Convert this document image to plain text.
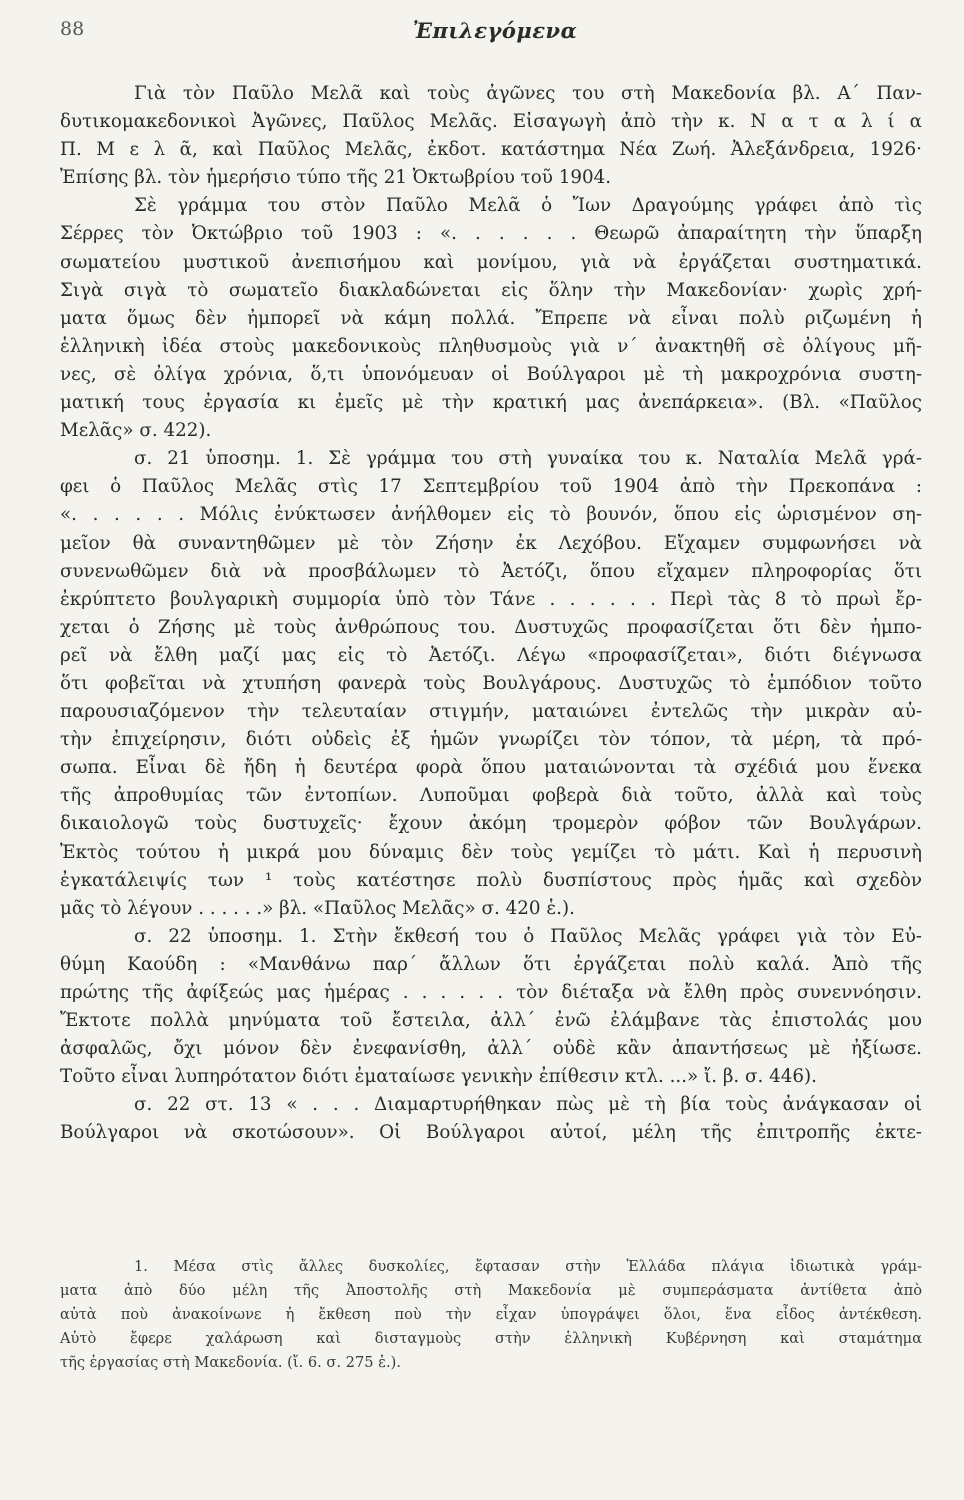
88	Ἐπιλεγόμενα
Γιὰ τὸν Παῦλο Μελᾶ καὶ τοὺς ἀγῶνες του στὴ Μακεδονία βλ. Α΄ Παν-
δυτικομακεδονικοὶ Ἀγῶνες, Παῦλος Μελᾶς. Εἰσαγωγὴ ἀπὸ τὴν κ. Ν α τ α λ ί α
Π. Μ ε λ ᾶ, καὶ Παῦλος Μελᾶς, ἐκδοτ. κατάστημα Νέα Ζωή. Ἀλεξάνδρεια, 1926·
Ἐπίσης βλ. τὸν ἡμερήσιο τύπο τῆς 21 Ὀκτωβρίου τοῦ 1904.
Σὲ γράμμα του στὸν Παῦλο Μελᾶ ὁ Ἴων Δραγούμης γράφει ἀπὸ τὶς
Σέρρες τὸν Ὀκτώβριο τοῦ 1903 : «. . . . . . Θεωρῶ ἀπαραίτητη τὴν ὕπαρξη
σωματείου μυστικοῦ ἀνεπισήμου καὶ μονίμου, γιὰ νὰ ἐργάζεται συστηματικά.
Σιγὰ σιγὰ τὸ σωματεῖο διακλαδώνεται εἰς ὅλην τὴν Μακεδονίαν· χωρὶς χρή-
ματα ὅμως δὲν ἠμπορεῖ νὰ κάμη πολλά. Ἔπρεπε νὰ εἶναι πολὺ ριζωμένη ἡ
ἑλληνικὴ ἰδέα στοὺς μακεδονικοὺς πληθυσμοὺς γιὰ ν΄ ἀνακτηθῆ σὲ ὀλίγους μῆ-
νες, σὲ ὀλίγα χρόνια, ὅ,τι ὑπονόμευαν οἱ Βούλγαροι μὲ τὴ μακροχρόνια συστη-
ματική τους ἐργασία κι ἐμεῖς μὲ τὴν κρατική μας ἀνεπάρκεια». (Βλ. «Παῦλος
Μελᾶς» σ. 422).
σ. 21 ὑποσημ. 1. Σὲ γράμμα του στὴ γυναίκα του κ. Ναταλία Μελᾶ γρά-
φει ὁ Παῦλος Μελᾶς στὶς 17 Σεπτεμβρίου τοῦ 1904 ἀπὸ τὴν Πρεκοπάνα :
«. . . . . . Μόλις ἐνύκτωσεν ἀνήλθομεν εἰς τὸ βουνόν, ὅπου εἰς ὡρισμένον ση-
μεῖον θὰ συναντηθῶμεν μὲ τὸν Ζήσην ἐκ Λεχόβου. Εἴχαμεν συμφωνήσει νὰ
συνενωθῶμεν διὰ νὰ προσβάλωμεν τὸ Ἀετόζι, ὅπου εἴχαμεν πληροφορίας ὅτι
ἐκρύπτετο βουλγαρικὴ συμμορία ὑπὸ τὸν Τάνε . . . . . . Περὶ τὰς 8 τὸ πρωὶ ἔρ-
χεται ὁ Ζήσης μὲ τοὺς ἀνθρώπους του. Δυστυχῶς προφασίζεται ὅτι δὲν ἠμπο-
ρεῖ νὰ ἔλθη μαζί μας εἰς τὸ Ἀετόζι. Λέγω «προφασίζεται», διότι διέγνωσα
ὅτι φοβεῖται νὰ χτυπήση φανερὰ τοὺς Βουλγάρους. Δυστυχῶς τὸ ἐμπόδιον τοῦτο
παρουσιαζόμενον τὴν τελευταίαν στιγμήν, ματαιώνει ἐντελῶς τὴν μικρὰν αὐ-
τὴν ἐπιχείρησιν, διότι οὐδεὶς ἐξ ἡμῶν γνωρίζει τὸν τόπον, τὰ μέρη, τὰ πρό-
σωπα. Εἶναι δὲ ἤδη ἡ δευτέρα φορὰ ὅπου ματαιώνονται τὰ σχέδιά μου ἕνεκα
τῆς ἀπροθυμίας τῶν ἐντοπίων. Λυποῦμαι φοβερὰ διὰ τοῦτο, ἀλλὰ καὶ τοὺς
δικαιολογῶ τοὺς δυστυχεῖς· ἔχουν ἀκόμη τρομερὸν φόβον τῶν Βουλγάρων.
Ἐκτὸς τούτου ἡ μικρά μου δύναμις δὲν τοὺς γεμίζει τὸ μάτι. Καὶ ἡ περυσινὴ
ἐγκατάλειψίς των ¹ τοὺς κατέστησε πολὺ δυσπίστους πρὸς ἡμᾶς καὶ σχεδὸν
μᾶς τὸ λέγουν . . . . . .» βλ. «Παῦλος Μελᾶς» σ. 420 ἑ.).
σ. 22 ὑποσημ. 1. Στὴν ἔκθεσή του ὁ Παῦλος Μελᾶς γράφει γιὰ τὸν Εὐ-
θύμη Καούδη : «Μανθάνω παρ΄ ἄλλων ὅτι ἐργάζεται πολὺ καλά. Ἀπὸ τῆς
πρώτης τῆς ἀφίξεώς μας ἡμέρας . . . . . . τὸν διέταξα νὰ ἔλθη πρὸς συνεννόησιν.
Ἔκτοτε πολλὰ μηνύματα τοῦ ἔστειλα, ἀλλ΄ ἐνῶ ἐλάμβανε τὰς ἐπιστολάς μου
ἀσφαλῶς, ὄχι μόνον δὲν ἐνεφανίσθη, ἀλλ΄ οὐδὲ κἂν ἀπαντήσεως μὲ ἠξίωσε.
Τοῦτο εἶναι λυπηρότατον διότι ἐματαίωσε γενικὴν ἐπίθεσιν κτλ. ...» ἴ. β. σ. 446).
σ. 22 στ. 13 « . . . Διαμαρτυρήθηκαν πὼς μὲ τὴ βία τοὺς ἀνάγκασαν οἱ
Βούλγαροι νὰ σκοτώσουν». Οἱ Βούλγαροι αὐτοί, μέλη τῆς ἐπιτροπῆς ἐκτε-
1. Μέσα στὶς ἄλλες δυσκολίες, ἔφτασαν στὴν Ἑλλάδα πλάγια ἰδιωτικὰ γράμ-
ματα ἀπὸ δύο μέλη τῆς Ἀποστολῆς στὴ Μακεδονία μὲ συμπεράσματα ἀντίθετα ἀπὸ
αὐτὰ ποὺ ἀνακοίνωνε ἡ ἔκθεση ποὺ τὴν εἶχαν ὑπογράψει ὅλοι, ἕνα εἶδος ἀντέκθεση.
Αὐτὸ ἔφερε χαλάρωση καὶ δισταγμοὺς στὴν ἑλληνικὴ Κυβέρνηση καὶ σταμάτημα
τῆς ἐργασίας στὴ Μακεδονία. (ἴ. 6. σ. 275 ἑ.).
